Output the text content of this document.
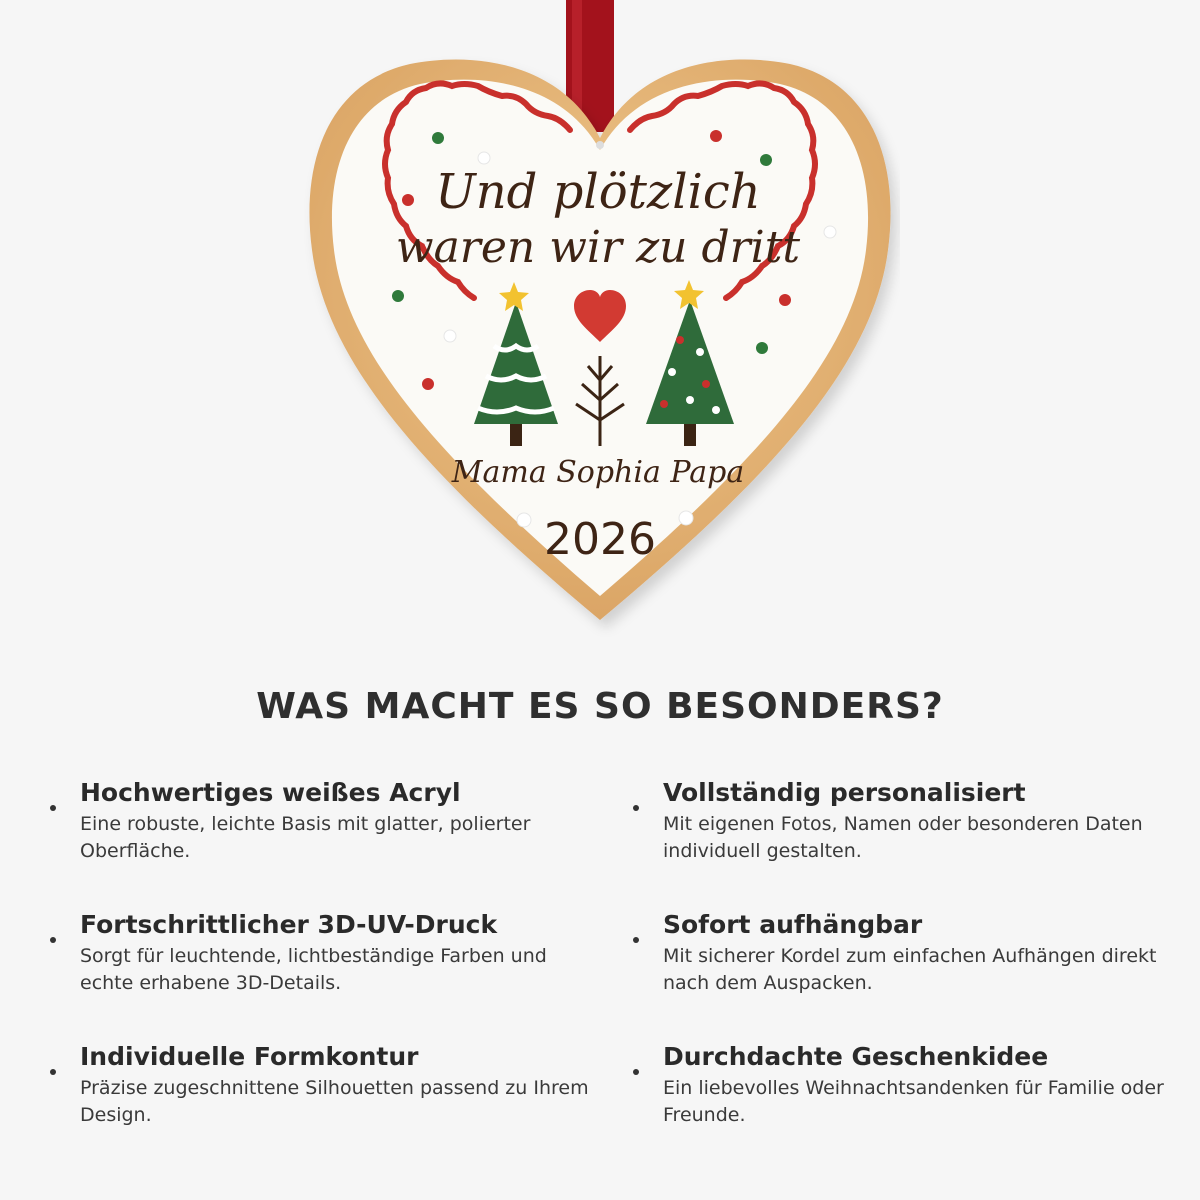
Und plötzlich
waren wir zu dritt
Mama Sophia Papa
2026
WAS MACHT ES SO BESONDERS?
Hochwertiges weißes Acryl
Eine robuste, leichte Basis mit glatter, polierter Oberfläche.
Vollständig personalisiert
Mit eigenen Fotos, Namen oder besonderen Daten individuell gestalten.
Fortschrittlicher 3D-UV-Druck
Sorgt für leuchtende, lichtbeständige Farben und echte erhabene 3D-Details.
Sofort aufhängbar
Mit sicherer Kordel zum einfachen Aufhängen direkt nach dem Auspacken.
Individuelle Formkontur
Präzise zugeschnittene Silhouetten passend zu Ihrem Design.
Durchdachte Geschenkidee
Ein liebevolles Weihnachtsandenken für Familie oder Freunde.
